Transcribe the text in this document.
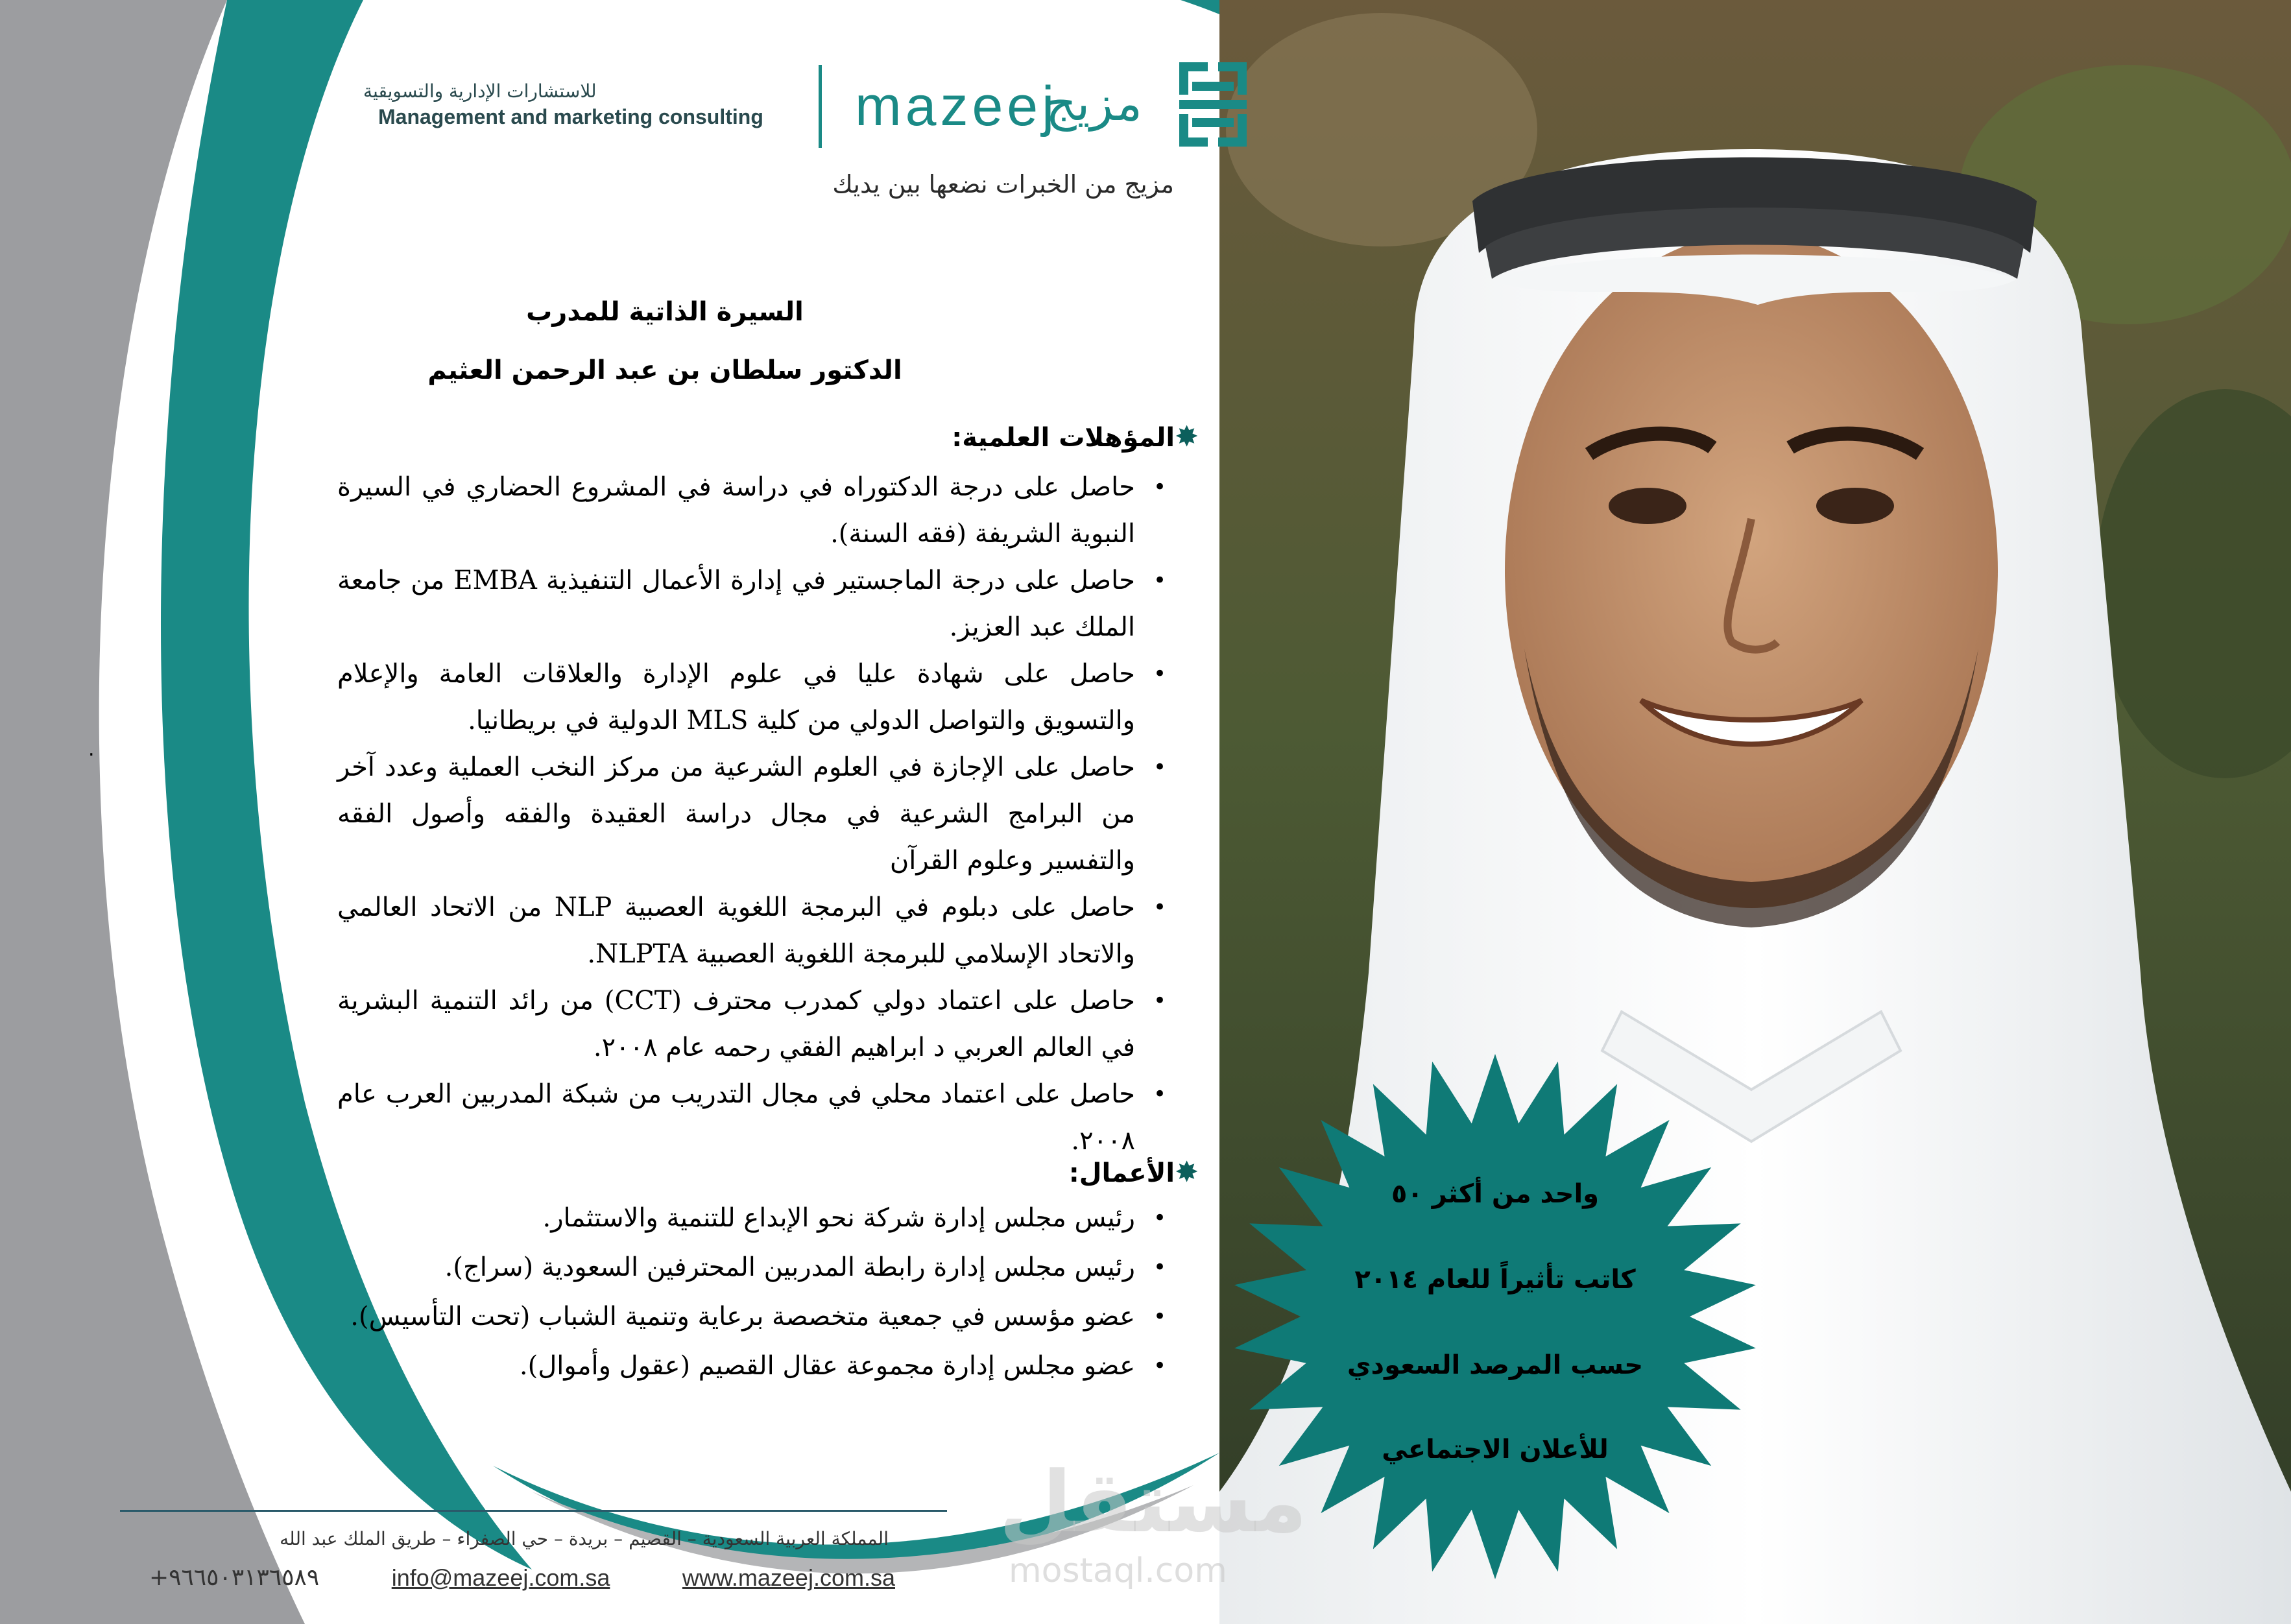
واحد من أكثر ٥٠
كاتب تأثيراً للعام ٢٠١٤
حسب المرصد السعودي
للأعلان الاجتماعي
للاستشارات الإدارية والتسويقية
Management and marketing consulting	mazeej
مزيج
مزيج من الخبرات نضعها بين يديك
السيرة الذاتية للمدرب
الدكتور سلطان بن عبد الرحمن العثيم
✸المؤهلات العلمية:
•
حاصل على درجة الدكتوراه في دراسة في المشروع الحضاري في السيرة النبوية الشريفة (فقه السنة).
•
حاصل على درجة الماجستير في إدارة الأعمال التنفيذية EMBA من جامعة الملك عبد العزيز.
•
حاصل على شهادة عليا في علوم الإدارة والعلاقات العامة والإعلام والتسويق والتواصل الدولي من كلية MLS الدولية في بريطانيا.
•
حاصل على الإجازة في العلوم الشرعية من مركز النخب العملية وعدد آخر من البرامج الشرعية في مجال دراسة العقيدة والفقه وأصول الفقه والتفسير وعلوم القرآن
•
حاصل على دبلوم في البرمجة اللغوية العصبية NLP من الاتحاد العالمي والاتحاد الإسلامي للبرمجة اللغوية العصبية NLPTA.
•
حاصل على اعتماد دولي كمدرب محترف (CCT) من رائد التنمية البشرية في العالم العربي د ابراهيم الفقي رحمه عام ٢٠٠٨.
•
حاصل على اعتماد محلي في مجال التدريب من شبكة المدربين العرب عام ٢٠٠٨.
✸الأعمال:
•
رئيس مجلس إدارة شركة نحو الإبداع للتنمية والاستثمار.
•
رئيس مجلس إدارة رابطة المدربين المحترفين السعودية (سراج).
•
عضو مؤسس في جمعية متخصصة برعاية وتنمية الشباب (تحت التأسيس).
•
عضو مجلس إدارة مجموعة عقال القصيم (عقول وأموال).
.
المملكة العربية السعودية – القصيم – بريدة – حي الصفراء – طريق الملك عبد الله
+٩٦٦٥٠٣١٣٦٥٨٩	info@mazeej.com.sa	www.mazeej.com.sa
مستقل
mostaql.com
